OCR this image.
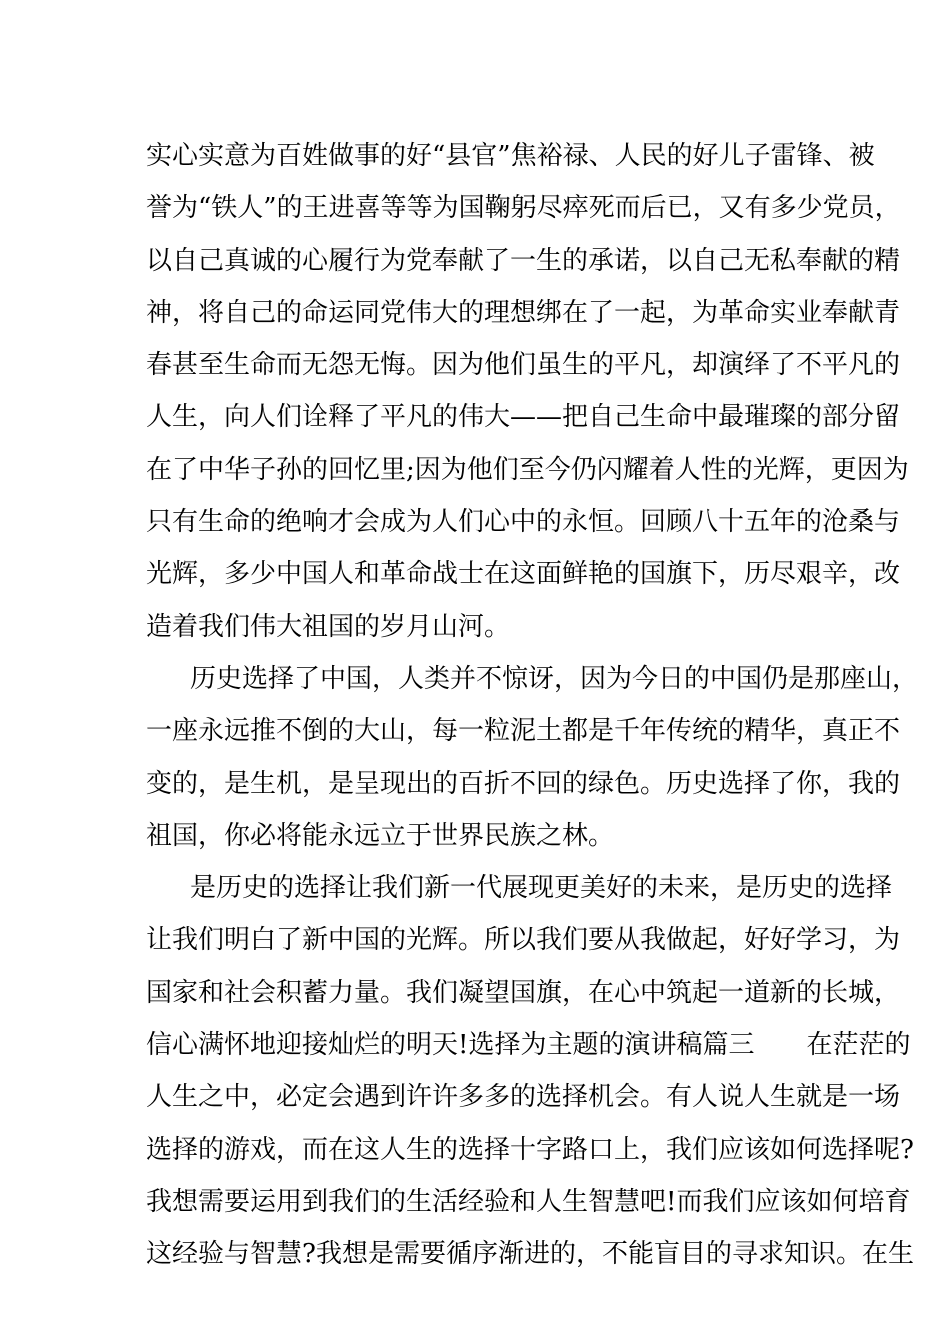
实心实意为百姓做事的好“县官”焦裕禄、人民的好儿子雷锋、被
誉为“铁人”的王进喜等等为国鞠躬尽瘁死而后已，又有多少党员，
以自己真诚的心履行为党奉献了一生的承诺，以自己无私奉献的精
神，将自己的命运同党伟大的理想绑在了一起，为革命实业奉献青
春甚至生命而无怨无悔。因为他们虽生的平凡，却演绎了不平凡的
人生，向人们诠释了平凡的伟大——把自己生命中最璀璨的部分留
在了中华子孙的回忆里;因为他们至今仍闪耀着人性的光辉，更因为
只有生命的绝响才会成为人们心中的永恒。回顾八十五年的沧桑与
光辉，多少中国人和革命战士在这面鲜艳的国旗下，历尽艰辛，改
造着我们伟大祖国的岁月山河。
历史选择了中国，人类并不惊讶，因为今日的中国仍是那座山，
一座永远推不倒的大山，每一粒泥土都是千年传统的精华，真正不
变的，是生机，是呈现出的百折不回的绿色。历史选择了你，我的
祖国，你必将能永远立于世界民族之林。
是历史的选择让我们新一代展现更美好的未来，是历史的选择
让我们明白了新中国的光辉。所以我们要从我做起，好好学习，为
国家和社会积蓄力量。我们凝望国旗，在心中筑起一道新的长城，
信心满怀地迎接灿烂的明天!选择为主题的演讲稿篇三　　在茫茫的
人生之中，必定会遇到许许多多的选择机会。有人说人生就是一场
选择的游戏，而在这人生的选择十字路口上，我们应该如何选择呢?
我想需要运用到我们的生活经验和人生智慧吧!而我们应该如何培育
这经验与智慧?我想是需要循序渐进的，不能盲目的寻求知识。在生
